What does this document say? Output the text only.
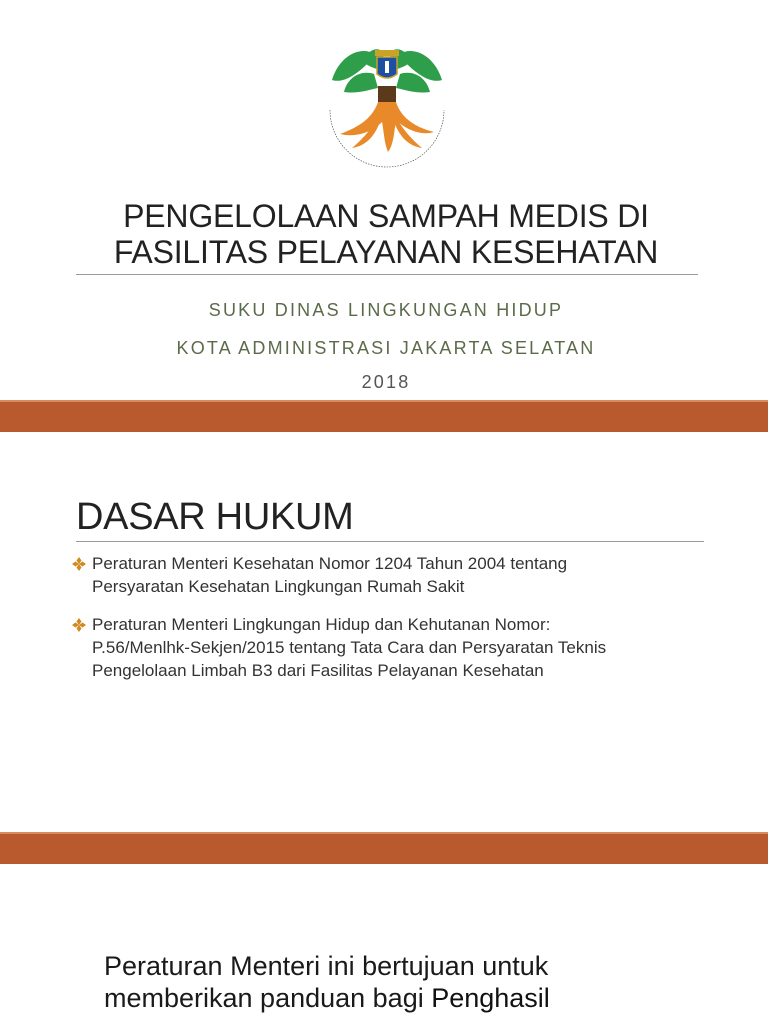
PENGELOLAAN SAMPAH MEDIS DI
FASILITAS PELAYANAN KESEHATAN
SUKU DINAS LINGKUNGAN HIDUP
KOTA ADMINISTRASI JAKARTA SELATAN
2018
DASAR HUKUM
Peraturan Menteri Kesehatan Nomor 1204 Tahun 2004 tentang
Persyaratan Kesehatan Lingkungan Rumah Sakit
Peraturan Menteri Lingkungan Hidup dan Kehutanan Nomor:
P.56/Menlhk-Sekjen/2015 tentang Tata Cara dan Persyaratan Teknis
Pengelolaan Limbah B3 dari Fasilitas Pelayanan Kesehatan
Peraturan Menteri ini bertujuan untuk
memberikan panduan bagi Penghasil
